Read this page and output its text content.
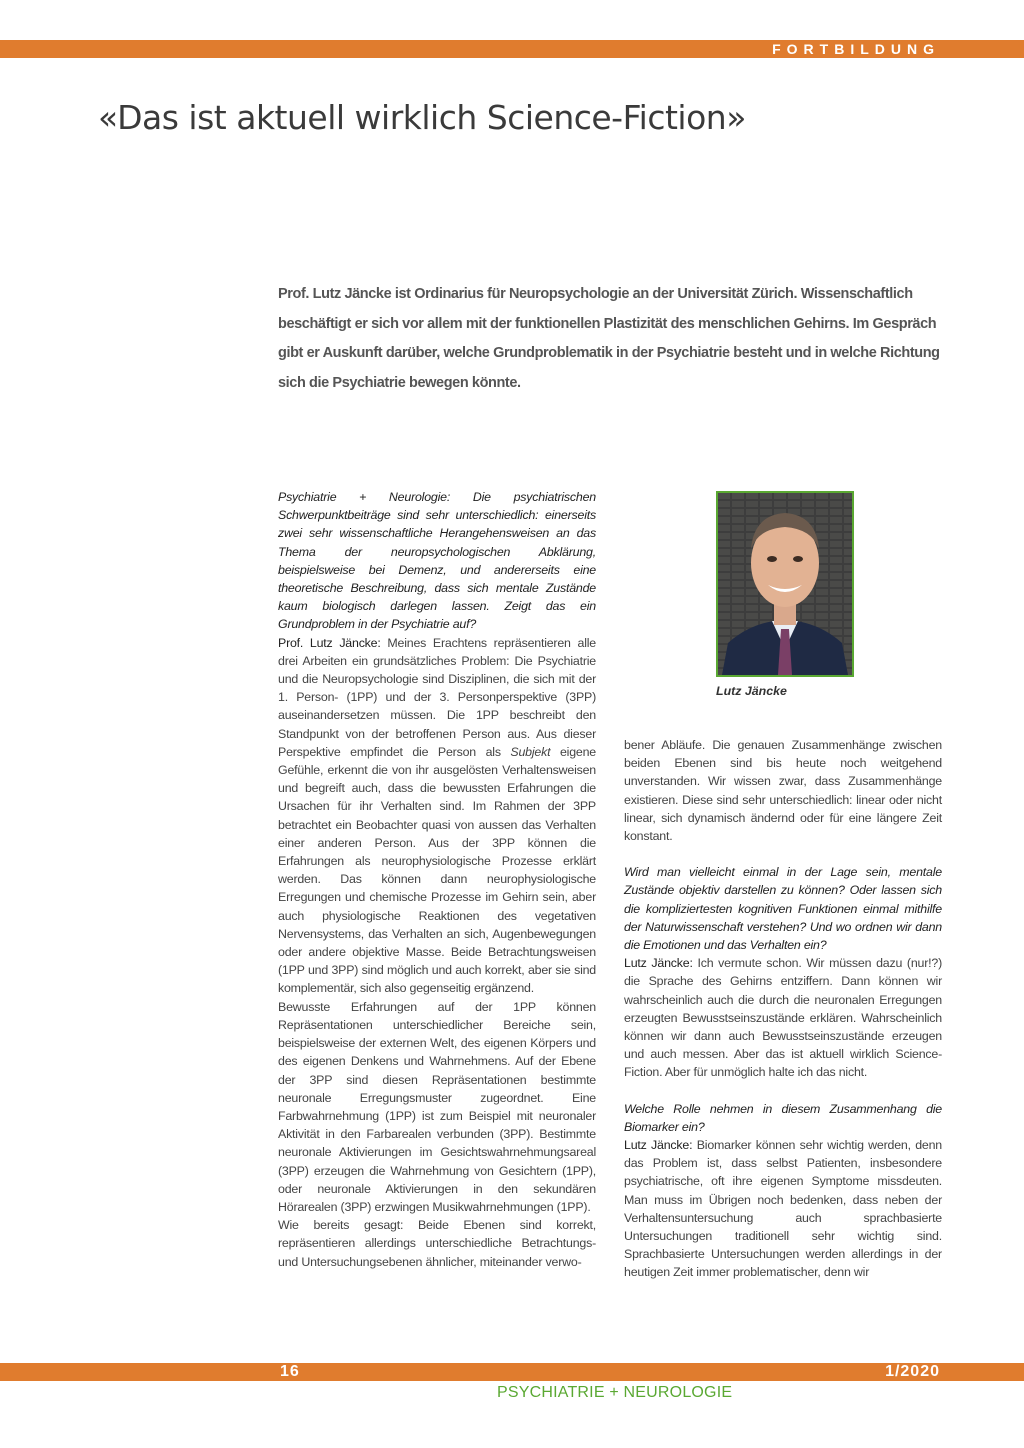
FORTBILDUNG
«Das ist aktuell wirklich Science-Fiction»

Prof. Lutz Jäncke ist Ordinarius für Neuropsychologie an der Universität Zürich. Wissenschaftlich beschäftigt er sich vor allem mit der funktionellen Plastizität des menschlichen Gehirns. Im Gespräch gibt er Auskunft darüber, welche Grundproblematik in der Psychiatrie besteht und in welche Richtung sich die Psychiatrie bewegen könnte.

Psychiatrie + Neurologie: Die psychiatrischen Schwerpunktbeiträge sind sehr unterschiedlich: einerseits zwei sehr wissenschaftliche Herangehensweisen an das Thema der neuropsychologischen Abklärung, beispielsweise bei Demenz, und andererseits eine theoretische Beschreibung, dass sich mentale Zustände kaum biologisch darlegen lassen. Zeigt das ein Grundproblem in der Psychiatrie auf?
Prof. Lutz Jäncke: Meines Erachtens repräsentieren alle drei Arbeiten ein grundsätzliches Problem: Die Psychiatrie und die Neuropsychologie sind Disziplinen, die sich mit der 1. Person- (1PP) und der 3. Personperspektive (3PP) auseinandersetzen müssen. Die 1PP beschreibt den Standpunkt von der betroffenen Person aus. Aus dieser Perspektive empfindet die Person als Subjekt eigene Gefühle, erkennt die von ihr ausgelösten Verhaltensweisen und begreift auch, dass die bewussten Erfahrungen die Ursachen für ihr Verhalten sind. Im Rahmen der 3PP betrachtet ein Beobachter quasi von aussen das Verhalten einer anderen Person. Aus der 3PP können die Erfahrungen als neurophysiologische Prozesse erklärt werden. Das können dann neurophysiologische Erregungen und chemische Prozesse im Gehirn sein, aber auch physiologische Reaktionen des vegetativen Nervensystems, das Verhalten an sich, Augenbewegungen oder andere objektive Masse. Beide Betrachtungsweisen (1PP und 3PP) sind möglich und auch korrekt, aber sie sind komplementär, sich also gegenseitig ergänzend.

Bewusste Erfahrungen auf der 1PP können Repräsentationen unterschiedlicher Bereiche sein, beispielsweise der externen Welt, des eigenen Körpers und des eigenen Denkens und Wahrnehmens. Auf der Ebene der 3PP sind diesen Repräsentationen bestimmte neuronale Erregungsmuster zugeordnet. Eine Farbwahrnehmung (1PP) ist zum Beispiel mit neuronaler Aktivität in den Farbarealen verbunden (3PP). Bestimmte neuronale Aktivierungen im Gesichtswahrnehmungsareal (3PP) erzeugen die Wahrnehmung von Gesichtern (1PP), oder neuronale Aktivierungen in den sekundären Hörarealen (3PP) erzwingen Musikwahrnehmungen (1PP).

Wie bereits gesagt: Beide Ebenen sind korrekt, repräsentieren allerdings unterschiedliche Betrachtungs- und Untersuchungsebenen ähnlicher, miteinander verwo-

Lutz Jäncke

bener Abläufe. Die genauen Zusammenhänge zwischen beiden Ebenen sind bis heute noch weitgehend unverstanden. Wir wissen zwar, dass Zusammenhänge existieren. Diese sind sehr unterschiedlich: linear oder nicht linear, sich dynamisch ändernd oder für eine längere Zeit konstant.

Wird man vielleicht einmal in der Lage sein, mentale Zustände objektiv darstellen zu können? Oder lassen sich die kompliziertesten kognitiven Funktionen einmal mithilfe der Naturwissenschaft verstehen? Und wo ordnen wir dann die Emotionen und das Verhalten ein?
Lutz Jäncke: Ich vermute schon. Wir müssen dazu (nur!?) die Sprache des Gehirns entziffern. Dann können wir wahrscheinlich auch die durch die neuronalen Erregungen erzeugten Bewusstseinszustände erklären. Wahrscheinlich können wir dann auch Bewusstseinszustände erzeugen und auch messen. Aber das ist aktuell wirklich Science-Fiction. Aber für unmöglich halte ich das nicht.

Welche Rolle nehmen in diesem Zusammenhang die Biomarker ein?
Lutz Jäncke: Biomarker können sehr wichtig werden, denn das Problem ist, dass selbst Patienten, insbesondere psychiatrische, oft ihre eigenen Symptome missdeuten. Man muss im Übrigen noch bedenken, dass neben der Verhaltensuntersuchung auch sprachbasierte Untersuchungen traditionell sehr wichtig sind. Sprachbasierte Untersuchungen werden allerdings in der heutigen Zeit immer problematischer, denn wir

16	1/2020

PSYCHIATRIE + NEUROLOGIE
